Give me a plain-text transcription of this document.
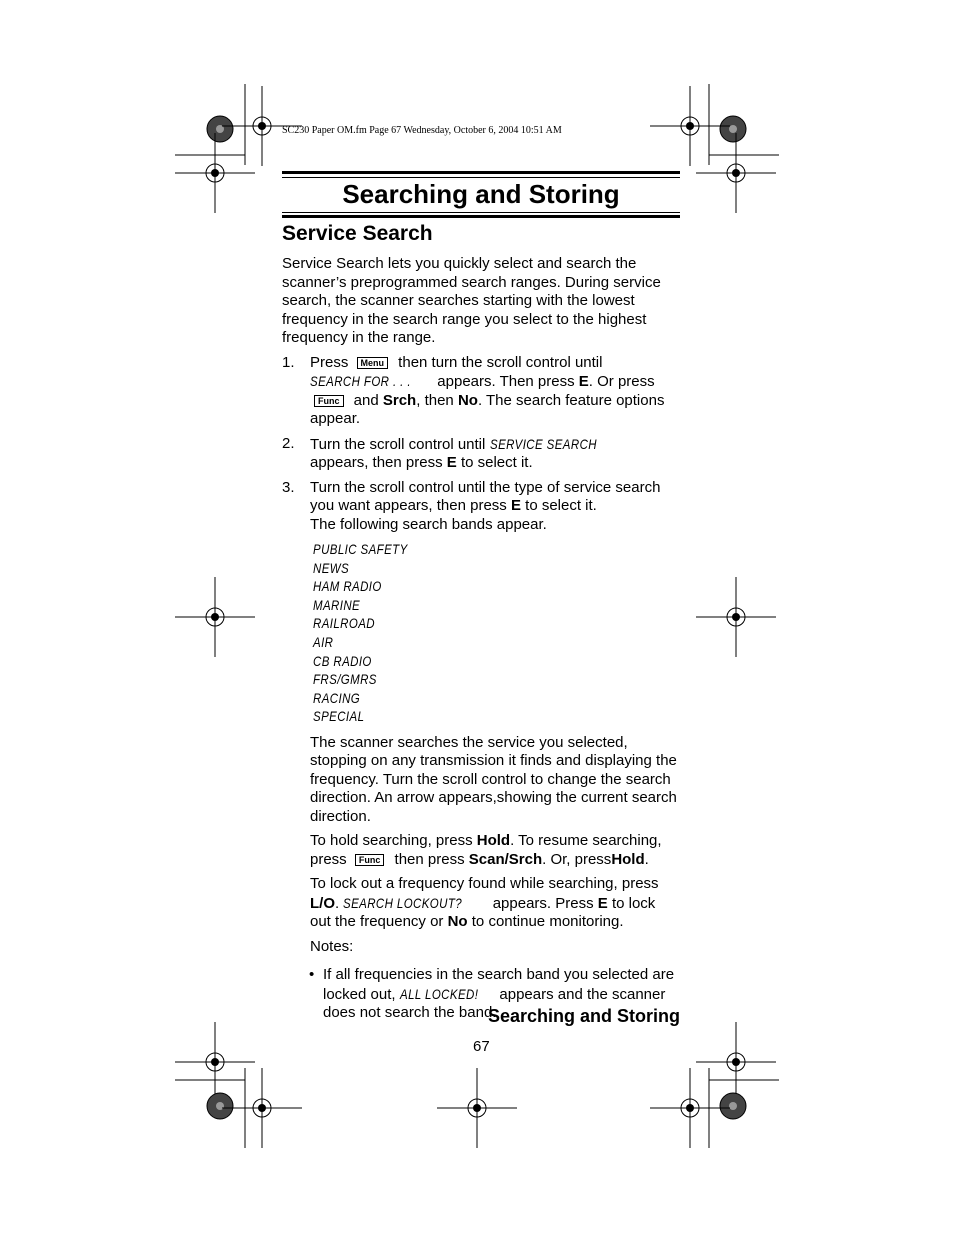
SC230 Paper OM.fm Page 67 Wednesday, October 6, 2004 10:51 AM
Searching and Storing
Service Search

Service Search lets you quickly select and search the scanner’s preprogrammed search ranges. During service search, the scanner searches starting with the lowest frequency in the search range you select to the highest frequency in the range.

1. Press Menu then turn the scroll control until SEARCH FOR . . . appears. Then press E. Or press Func and Srch, then No. The search feature options appear.
2. Turn the scroll control until SERVICE SEARCH appears, then press E to select it.
3. Turn the scroll control until the type of service search you want appears, then press E to select it.
The following search bands appear.
PUBLIC SAFETY
NEWS
HAM RADIO
MARINE
RAILROAD
AIR
CB RADIO
FRS/GMRS
RACING
SPECIAL

The scanner searches the service you selected, stopping on any transmission it finds and displaying the frequency. Turn the scroll control to change the search direction. An arrow appears,showing the current search direction.

To hold searching, press Hold. To resume searching, press Func then press Scan/Srch. Or, pressHold.

To lock out a frequency found while searching, press L/O. SEARCH LOCKOUT? appears. Press E to lock out the frequency or No to continue monitoring.

Notes:

• If all frequencies in the search band you selected are locked out, ALL LOCKED! appears and the scanner does not search the band.
Searching and Storing
67
